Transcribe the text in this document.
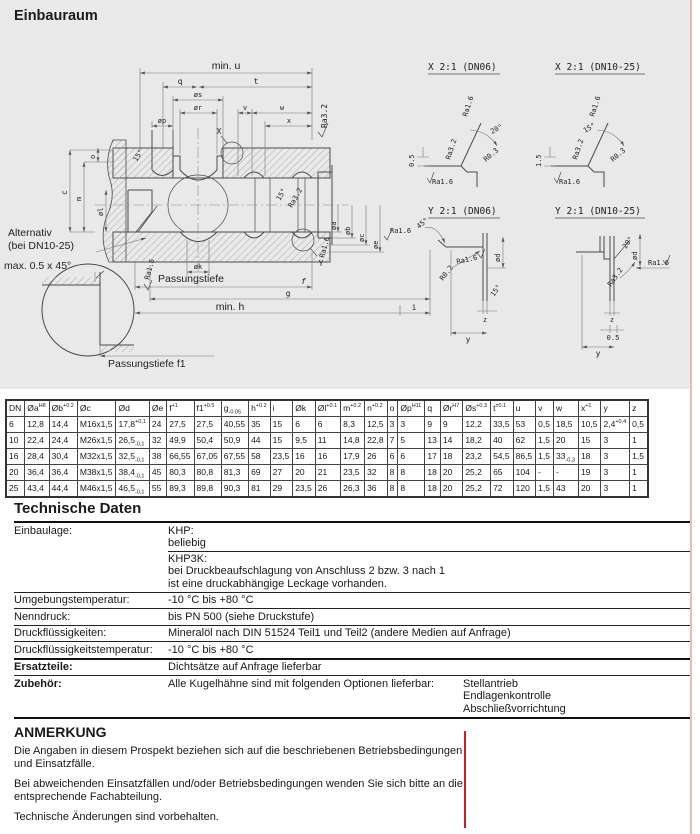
Einbauraum
min. u
q	t
øs
ør	v	w
øp	x	Ra3.2
X
Y
15°
15°
Ra3.2
øa
øb
øc
øe
Ra1.6
Ra1.6
c
m
o
øl
øk
Ra1.6 Passungstiefe	f
g
min. h	i
Alternativ
(bei DN10-25)
max. 0.5 x 45°
Passungstiefe f1
X 2:1 (DN06)
20°
Ra1.6
Ra3.2	R0.3
0.5
Ra1.6
X 2:1 (DN10-25)
15°
Ra1.6
Ra3.2	R0.3
1.5
Ra1.6
Y 2:1 (DN06)
45°
R0.2
Ra1.6 ød
15°
z
y
Y 2:1 (DN10-25)
20°
ød
Ra1.6
Ra3.2
z
0.5
y
DN	$Øa^{H8}$	$Øb^{+0.2}$	Øc	Ød	Øe	$f^{+1}$	$f1^{+0.5}$	$g_{-0.05}$	$h^{+0.2}$	i	Øk	$Øl^{+0.1}$	$m^{+0.2}$	$n^{+0.2}$	o	$Øp^{H11}$	q	$Ør^{H7}$	$Øs^{+0.3}$	$t^{\pm 0.1}$	u	v	w	$x^{+1}$	y	z
6	12,8	14,4	M16x1,5	$17,8^{+0,1}$	24	27,5	27,5	40,55	35	15	6	6	8,3	12,5	3	3	9	9	12,2	33,5	53	0,5	18,5	10,5	$2,4^{+0,4}$	0,5
10	22,4	24,4	M26x1,5	$26,5_{-0,1}$	32	49,9	50,4	50,9	44	15	9,5	11	14,8	22,8	7	5	13	14	18,2	40	62	1,5	20	15	3	1
16	28,4	30,4	M32x1,5	$32,5_{-0,1}$	38	66,55	67,05	67,55	58	23,5	16	16	17,9	26	6	6	17	18	23,2	54,5	86,5	1,5	$33_{-0,3}$	18	3	1,5
20	36,4	36,4	M38x1,5	$38,4_{-0,1}$	45	80,3	80,8	81,3	69	27	20	21	23,5	32	8	8	18	20	25,2	65	104	-	-	19	3	1
25	43,4	44,4	M46x1,5	$46,5_{-0,1}$	55	89,3	89,8	90,3	81	29	23,5	26	26,3	36	8	8	18	20	25,2	72	120	1,5	43	20	3	1
Technische Daten
Einbaulage:	KHP:
beliebig
KHP3K:
bei Druckbeaufschlagung von Anschluss 2 bzw. 3 nach 1
ist eine druckabhängige Leckage vorhanden.
Umgebungstemperatur:	-10 °C bis +80 °C
Nenndruck:	bis PN 500 (siehe Druckstufe)
Druckflüssigkeiten:	Mineralöl nach DIN 51524 Teil1 und Teil2 (andere Medien auf Anfrage)
Druckflüssigkeitstemperatur:	-10 °C bis +80 °C
Ersatzteile:	Dichtsätze auf Anfrage lieferbar
Zubehör:	Alle Kugelhähne sind mit folgenden Optionen lieferbar:	Stellantrieb
Endlagenkontrolle
Abschließvorrichtung
ANMERKUNG

Die Angaben in diesem Prospekt beziehen sich auf die beschriebenen Betriebsbedingungen und Einsatzfälle.

Bei abweichenden Einsatzfällen und/oder Betriebsbedingungen wenden Sie sich bitte an die entsprechende Fachabteilung.

Technische Änderungen sind vorbehalten.
